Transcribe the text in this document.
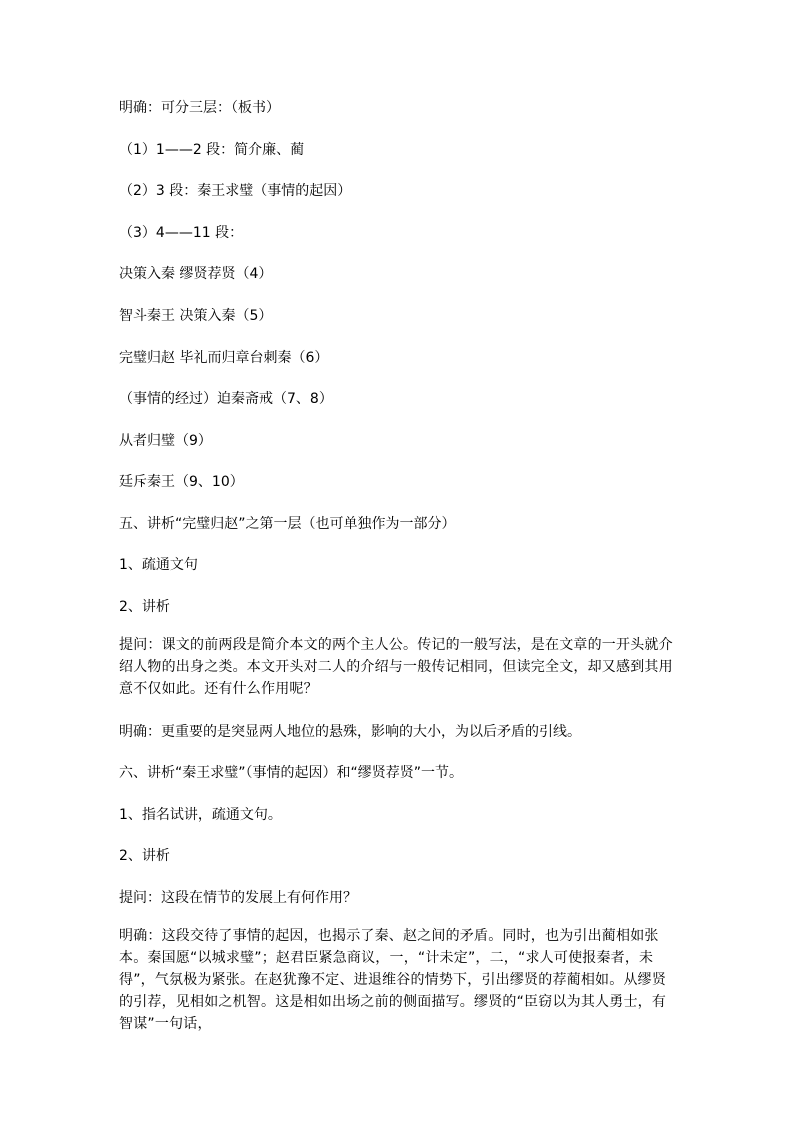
明确：可分三层：（板书）
（1）1——2 段：简介廉、蔺
（2）3 段：秦王求璧（事情的起因）
（3）4——11 段：
决策入秦 缪贤荐贤（4）
智斗秦王 决策入秦（5）
完璧归赵 毕礼而归章台刺秦（6）
（事情的经过）迫秦斋戒（7、8）
从者归璧（9）
廷斥秦王（9、10）
五、讲析“完璧归赵”之第一层（也可单独作为一部分）
1、疏通文句
2、讲析
提问：课文的前两段是简介本文的两个主人公。传记的一般写法，是在文章的一开头就介绍人物的出身之类。本文开头对二人的介绍与一般传记相同，但读完全文，却又感到其用意不仅如此。还有什么作用呢？
明确：更重要的是突显两人地位的悬殊，影响的大小，为以后矛盾的引线。
六、讲析“秦王求璧”（事情的起因）和“缪贤荐贤”一节。
1、指名试讲，疏通文句。
2、讲析
提问：这段在情节的发展上有何作用？
明确：这段交待了事情的起因，也揭示了秦、赵之间的矛盾。同时，也为引出蔺相如张本。秦国愿“以城求璧”；赵君臣紧急商议，一，“计未定”，二，“求人可使报秦者，未得”，气氛极为紧张。在赵犹豫不定、进退维谷的情势下，引出缪贤的荐蔺相如。从缪贤的引荐，见相如之机智。这是相如出场之前的侧面描写。缪贤的“臣窃以为其人勇士，有智谋”一句话，
